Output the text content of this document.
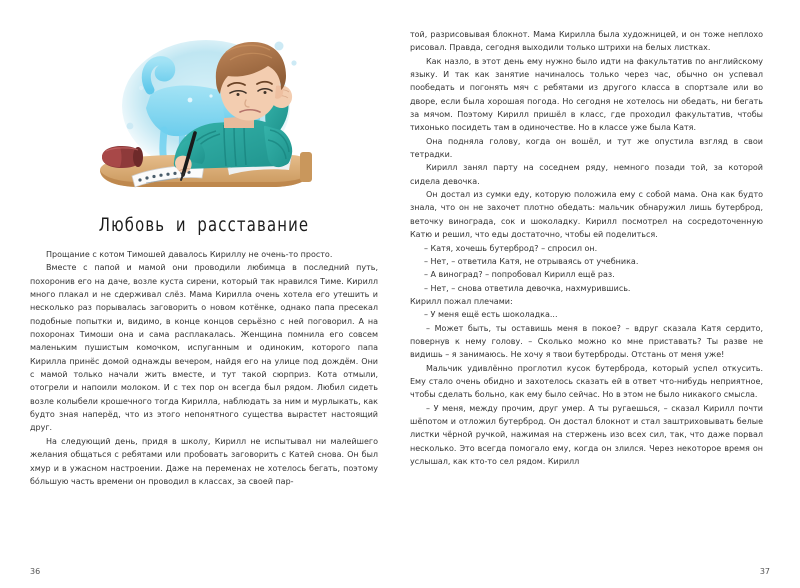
Любовь и расставание

Прощание с котом Тимошей давалось Кириллу не очень-то просто.

Вместе с папой и мамой они проводили любимца в последний путь, похоронив его на даче, возле куста сирени, который так нравился Тиме. Кирилл много плакал и не сдерживал слёз. Мама Кирилла очень хотела его утешить и несколько раз порывалась заговорить о новом котёнке, однако папа пресекал подобные попытки и, видимо, в конце концов серьёзно с ней поговорил. А на похоронах Тимоши она и сама расплакалась. Женщина помнила его совсем маленьким пушистым комочком, испуганным и одиноким, которого папа Кирилла принёс домой однажды вечером, найдя его на улице под дождём. Они с мамой только начали жить вместе, и тут такой сюрприз. Кота отмыли, отогрели и напоили молоком. И с тех пор он всегда был рядом. Любил сидеть возле колыбели крошечного тогда Кирилла, наблюдать за ним и мурлыкать, как будто зная наперёд, что из этого непонятного существа вырастет настоящий друг.

На следующий день, придя в школу, Кирилл не испытывал ни малейшего желания общаться с ребятами или пробовать заговорить с Катей снова. Он был хмур и в ужасном настроении. Даже на переменах не хотелось бегать, поэтому бо́льшую часть времени он проводил в классах, за своей пар-

36

той, разрисовывая блокнот. Мама Кирилла была художницей, и он тоже неплохо рисовал. Правда, сегодня выходили только штрихи на белых листках.

Как назло, в этот день ему нужно было идти на факультатив по английскому языку. И так как занятие начиналось только через час, обычно он успевал пообедать и погонять мяч с ребятами из другого класса в спортзале или во дворе, если была хорошая погода. Но сегодня не хотелось ни обедать, ни бегать за мячом. Поэтому Кирилл пришёл в класс, где проходил факультатив, чтобы тихонько посидеть там в одиночестве. Но в классе уже была Катя.

Она подняла голову, когда он вошёл, и тут же опустила взгляд в свои тетрадки.

Кирилл занял парту на соседнем ряду, немного позади той, за которой сидела девочка.

Он достал из сумки еду, которую положила ему с собой мама. Она как будто знала, что он не захочет плотно обедать: мальчик обнаружил лишь бутерброд, веточку винограда, сок и шоколадку. Кирилл посмотрел на сосредоточенную Катю и решил, что еды достаточно, чтобы ей поделиться.

– Катя, хочешь бутерброд? – спросил он.

– Нет, – ответила Катя, не отрываясь от учебника.

– А виноград? – попробовал Кирилл ещё раз.

– Нет, – снова ответила девочка, нахмурившись.

Кирилл пожал плечами:

– У меня ещё есть шоколадка...

– Может быть, ты оставишь меня в покое? – вдруг сказала Катя сердито, повернув к нему голову. – Сколько можно ко мне приставать? Ты разве не видишь – я занимаюсь. Не хочу я твои бутерброды. Отстань от меня уже!

Мальчик удивлённо проглотил кусок бутерброда, который успел откусить. Ему стало очень обидно и захотелось сказать ей в ответ что-нибудь неприятное, чтобы сделать больно, как ему было сейчас. Но в этом не было никакого смысла.

– У меня, между прочим, друг умер. А ты ругаешься, – сказал Кирилл почти шёпотом и отложил бутерброд. Он достал блокнот и стал заштриховывать белые листки чёрной ручкой, нажимая на стержень изо всех сил, так, что даже порвал несколько. Это всегда помогало ему, когда он злился. Через некоторое время он услышал, как кто-то сел рядом. Кирилл

37
